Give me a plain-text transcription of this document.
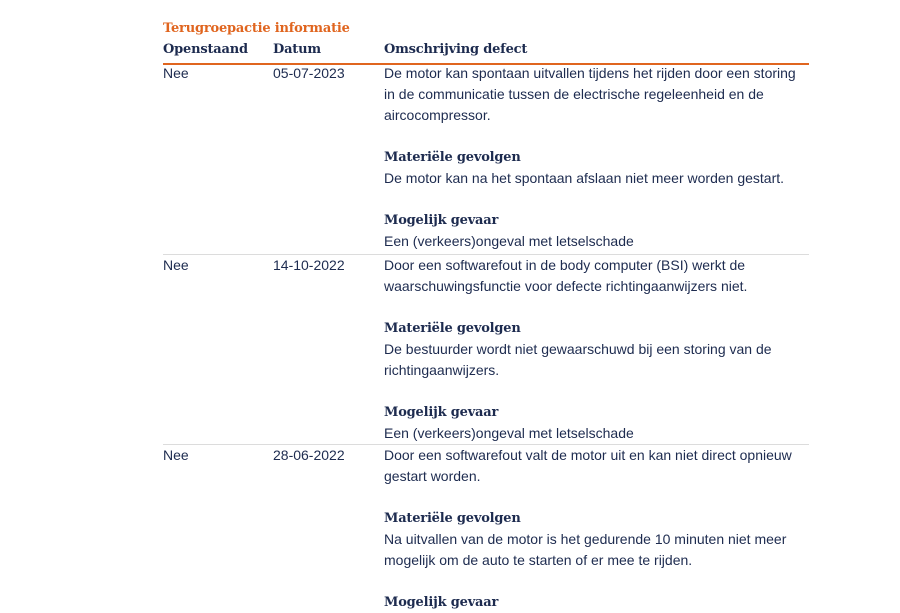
Terugroepactie informatie
Openstaand Datum	Omschrijving defect
Nee	05-07-2023	De motor kan spontaan uitvallen tijdens het rijden door een storing in de communicatie tussen de electrische regeleenheid en de aircocompressor.

Materiële gevolgen

De motor kan na het spontaan afslaan niet meer worden gestart.

Mogelijk gevaar

Een (verkeers)ongeval met letselschade

Nee	14-10-2022	Door een softwarefout in de body computer (BSI) werkt de waarschuwingsfunctie voor defecte richtingaanwijzers niet.

Materiële gevolgen

De bestuurder wordt niet gewaarschuwd bij een storing van de richtingaanwijzers.

Mogelijk gevaar

Een (verkeers)ongeval met letselschade

Nee	28-06-2022	Door een softwarefout valt de motor uit en kan niet direct opnieuw gestart worden.

Materiële gevolgen

Na uitvallen van de motor is het gedurende 10 minuten niet meer mogelijk om de auto te starten of er mee te rijden.

Mogelijk gevaar
